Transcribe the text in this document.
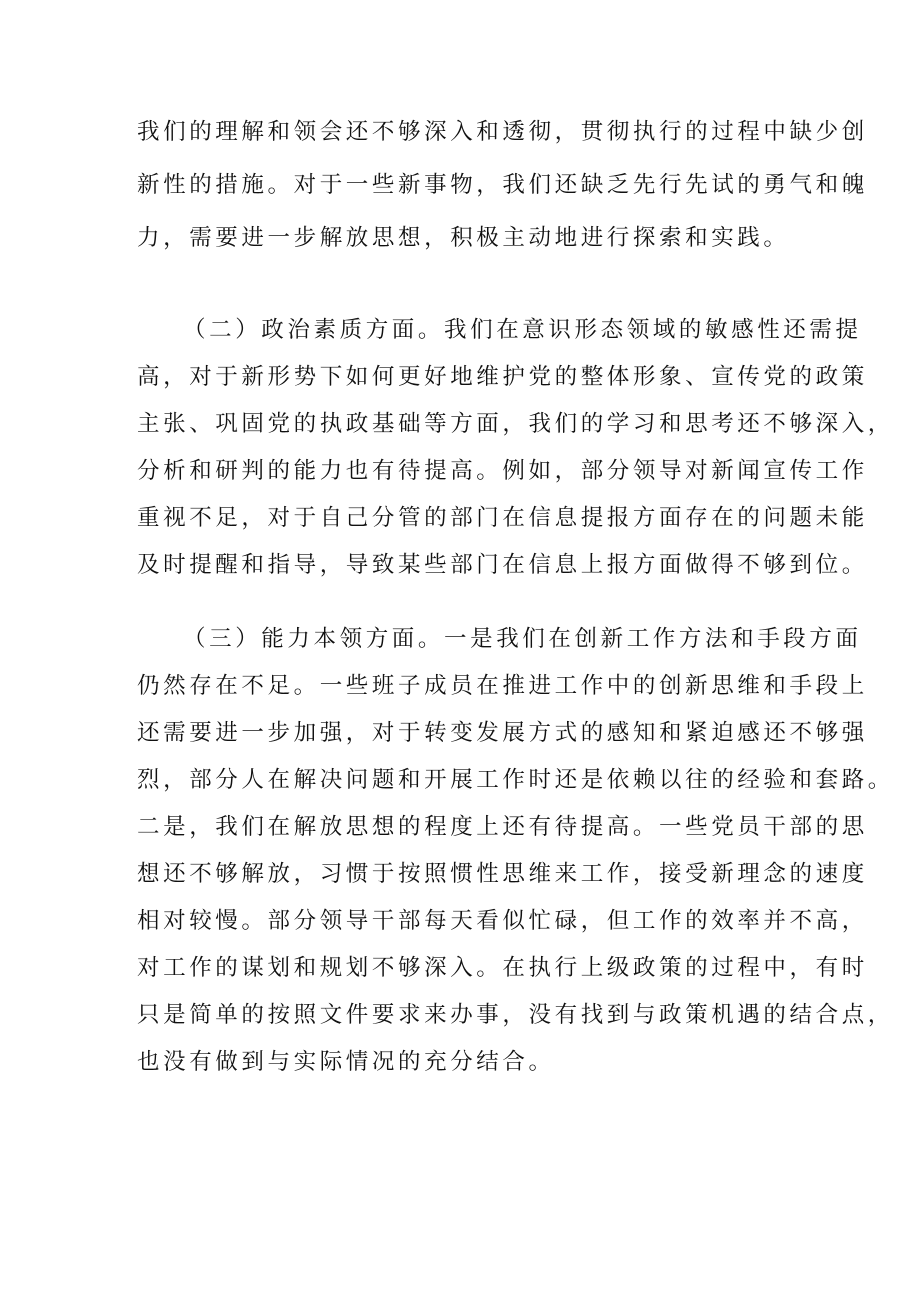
我们的理解和领会还不够深入和透彻，贯彻执行的过程中缺少创
新性的措施。对于一些新事物，我们还缺乏先行先试的勇气和魄
力，需要进一步解放思想，积极主动地进行探索和实践。
（二）政治素质方面。我们在意识形态领域的敏感性还需提
高，对于新形势下如何更好地维护党的整体形象、宣传党的政策
主张、巩固党的执政基础等方面，我们的学习和思考还不够深入，
分析和研判的能力也有待提高。例如，部分领导对新闻宣传工作
重视不足，对于自己分管的部门在信息提报方面存在的问题未能
及时提醒和指导，导致某些部门在信息上报方面做得不够到位。
（三）能力本领方面。一是我们在创新工作方法和手段方面
仍然存在不足。一些班子成员在推进工作中的创新思维和手段上
还需要进一步加强，对于转变发展方式的感知和紧迫感还不够强
烈，部分人在解决问题和开展工作时还是依赖以往的经验和套路。
二是，我们在解放思想的程度上还有待提高。一些党员干部的思
想还不够解放，习惯于按照惯性思维来工作，接受新理念的速度
相对较慢。部分领导干部每天看似忙碌，但工作的效率并不高，
对工作的谋划和规划不够深入。在执行上级政策的过程中，有时
只是简单的按照文件要求来办事，没有找到与政策机遇的结合点，
也没有做到与实际情况的充分结合。
